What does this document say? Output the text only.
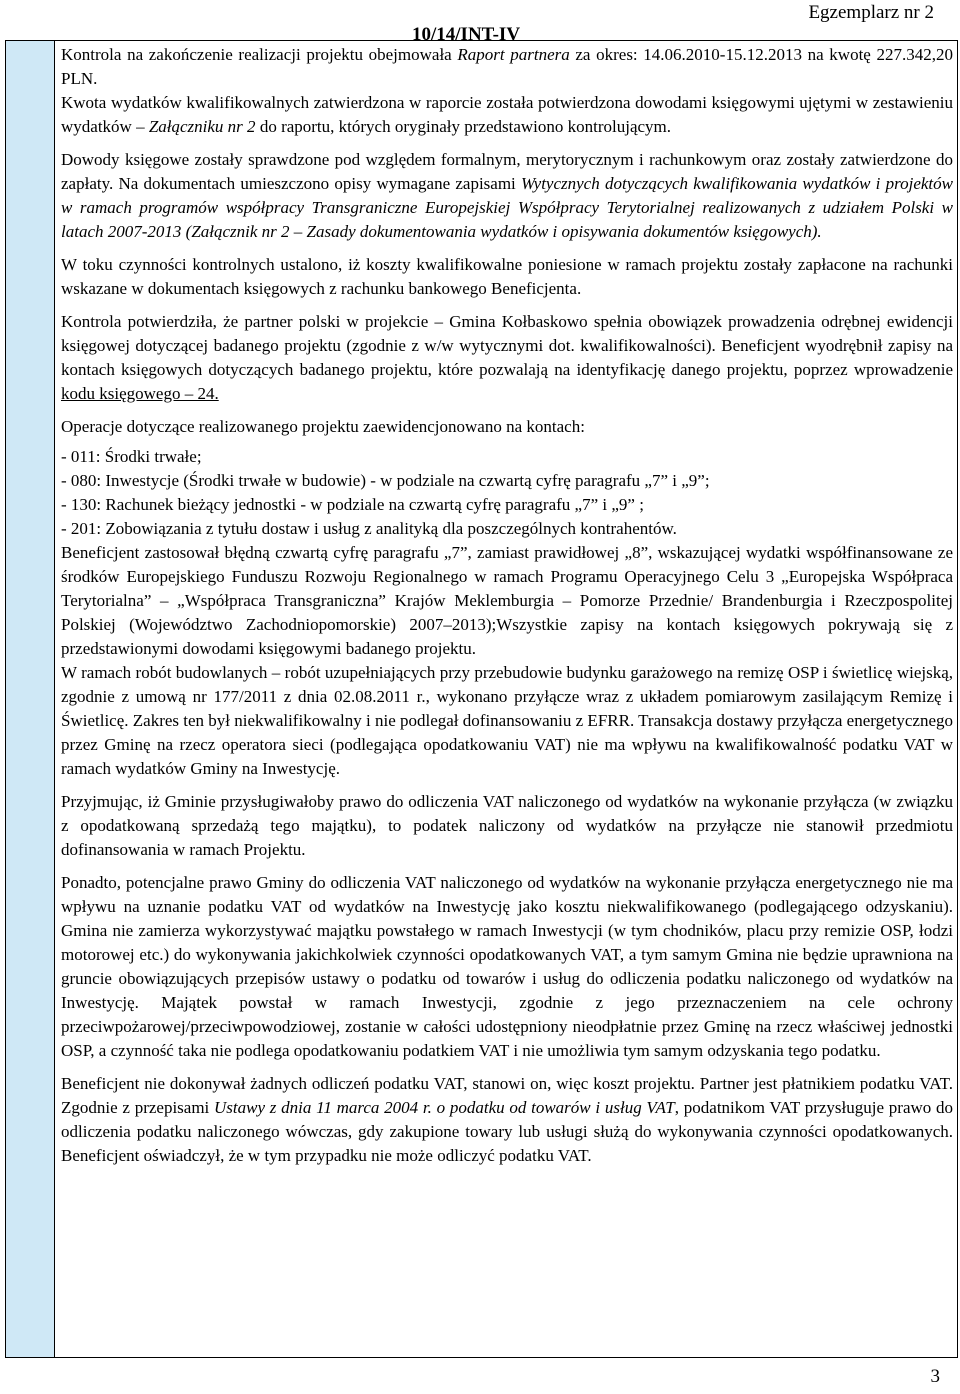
Egzemplarz nr 2
10/14/INT-IV

Kontrola na zakończenie realizacji projektu obejmowała Raport partnera za okres: 14.06.2010-15.12.2013 na kwotę 227.342,20 PLN.

Kwota wydatków kwalifikowalnych zatwierdzona w raporcie została potwierdzona dowodami księgowymi ujętymi w zestawieniu wydatków – Załączniku nr 2 do raportu, których oryginały przedstawiono kontrolującym.

Dowody księgowe zostały sprawdzone pod względem formalnym, merytorycznym i rachunkowym oraz zostały zatwierdzone do zapłaty. Na dokumentach umieszczono opisy wymagane zapisami Wytycznych dotyczących kwalifikowania wydatków i projektów w ramach programów współpracy Transgraniczne Europejskiej Współpracy Terytorialnej realizowanych z udziałem Polski w latach 2007-2013 (Załącznik nr 2 – Zasady dokumentowania wydatków i opisywania dokumentów księgowych).

W toku czynności kontrolnych ustalono, iż koszty kwalifikowalne poniesione w ramach projektu zostały zapłacone na rachunki wskazane w dokumentach księgowych z rachunku bankowego Beneficjenta.

Kontrola potwierdziła, że partner polski w projekcie – Gmina Kołbaskowo spełnia obowiązek prowadzenia odrębnej ewidencji księgowej dotyczącej badanego projektu (zgodnie z w/w wytycznymi dot. kwalifikowalności). Beneficjent wyodrębnił zapisy na kontach księgowych dotyczących badanego projektu, które pozwalają na identyfikację danego projektu, poprzez wprowadzenie kodu księgowego – 24.

Operacje dotyczące realizowanego projektu zaewidencjonowano na kontach:

- 011: Środki trwałe;
- 080: Inwestycje (Środki trwałe w budowie) - w podziale na czwartą cyfrę paragrafu „7” i „9”;
- 130: Rachunek bieżący jednostki - w podziale na czwartą cyfrę paragrafu „7” i „9” ;
- 201: Zobowiązania z tytułu dostaw i usług z analityką dla poszczególnych kontrahentów.

Beneficjent zastosował błędną czwartą cyfrę paragrafu „7”, zamiast prawidłowej „8”, wskazującej wydatki współfinansowane ze środków Europejskiego Funduszu Rozwoju Regionalnego w ramach Programu Operacyjnego Celu 3 „Europejska Współpraca Terytorialna” – „Współpraca Transgraniczna” Krajów Meklemburgia – Pomorze Przednie/ Brandenburgia i Rzeczpospolitej Polskiej (Województwo Zachodniopomorskie) 2007–2013);Wszystkie zapisy na kontach księgowych pokrywają się z przedstawionymi dowodami księgowymi badanego projektu.

W ramach robót budowlanych – robót uzupełniających przy przebudowie budynku garażowego na remizę OSP i świetlicę wiejską, zgodnie z umową nr 177/2011 z dnia 02.08.2011 r., wykonano przyłącze wraz z układem pomiarowym zasilającym Remizę i Świetlicę. Zakres ten był niekwalifikowalny i nie podlegał dofinansowaniu z EFRR. Transakcja dostawy przyłącza energetycznego przez Gminę na rzecz operatora sieci (podlegająca opodatkowaniu VAT) nie ma wpływu na kwalifikowalność podatku VAT w ramach wydatków Gminy na Inwestycję.

Przyjmując, iż Gminie przysługiwałoby prawo do odliczenia VAT naliczonego od wydatków na wykonanie przyłącza (w związku z opodatkowaną sprzedażą tego majątku), to podatek naliczony od wydatków na przyłącze nie stanowił przedmiotu dofinansowania w ramach Projektu.

Ponadto, potencjalne prawo Gminy do odliczenia VAT naliczonego od wydatków na wykonanie przyłącza energetycznego nie ma wpływu na uznanie podatku VAT od wydatków na Inwestycję jako kosztu niekwalifikowanego (podlegającego odzyskaniu). Gmina nie zamierza wykorzystywać majątku powstałego w ramach Inwestycji (w tym chodników, placu przy remizie OSP, łodzi motorowej etc.) do wykonywania jakichkolwiek czynności opodatkowanych VAT, a tym samym Gmina nie będzie uprawniona na gruncie obowiązujących przepisów ustawy o podatku od towarów i usług do odliczenia podatku naliczonego od wydatków na Inwestycję. Majątek powstał w ramach Inwestycji, zgodnie z jego przeznaczeniem na cele ochrony przeciwpożarowej/przeciwpowodziowej, zostanie w całości udostępniony nieodpłatnie przez Gminę na rzecz właściwej jednostki OSP, a czynność taka nie podlega opodatkowaniu podatkiem VAT i nie umożliwia tym samym odzyskania tego podatku.

Beneficjent nie dokonywał żadnych odliczeń podatku VAT, stanowi on, więc koszt projektu. Partner jest płatnikiem podatku VAT. Zgodnie z przepisami Ustawy z dnia 11 marca 2004 r. o podatku od towarów i usług VAT, podatnikom VAT przysługuje prawo do odliczenia podatku naliczonego wówczas, gdy zakupione towary lub usługi służą do wykonywania czynności opodatkowanych. Beneficjent oświadczył, że w tym przypadku nie może odliczyć podatku VAT.

3
